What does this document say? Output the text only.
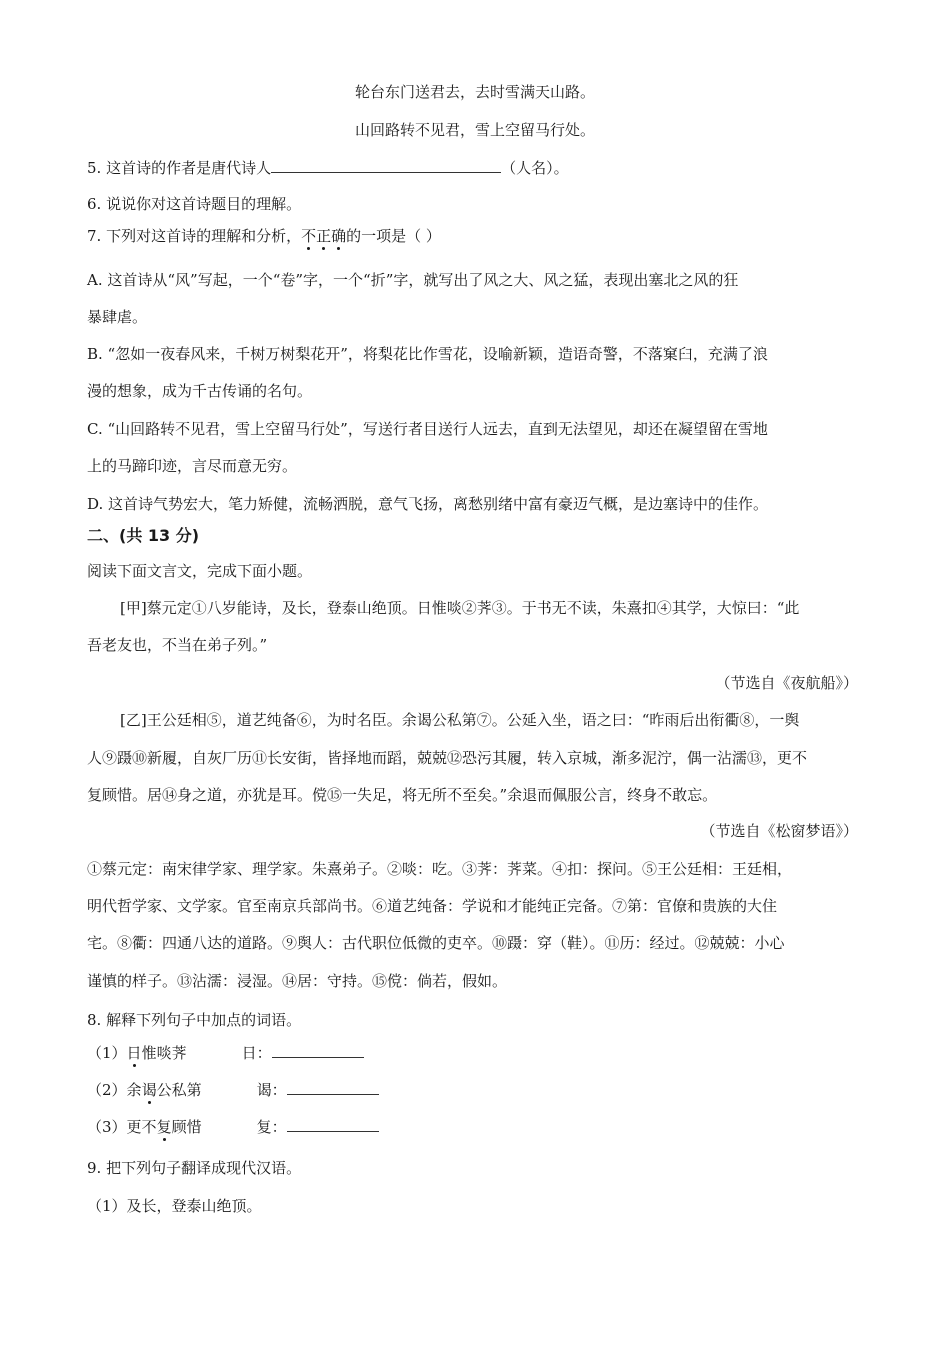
轮台东门送君去，去时雪满天山路。
山回路转不见君，雪上空留马行处。
5. 这首诗的作者是唐代诗人	（人名）。
6. 说说你对这首诗题目的理解。
7. 下列对这首诗的理解和分析，不正确的一项是（ ）
A. 这首诗从“风”写起，一个“卷”字，一个“折”字，就写出了风之大、风之猛，表现出塞北之风的狂
暴肆虐。
B. “忽如一夜春风来，千树万树梨花开”，将梨花比作雪花，设喻新颖，造语奇警，不落窠臼，充满了浪
漫的想象，成为千古传诵的名句。
C. “山回路转不见君，雪上空留马行处”，写送行者目送行人远去，直到无法望见，却还在凝望留在雪地
上的马蹄印迹，言尽而意无穷。
D. 这首诗气势宏大，笔力矫健，流畅洒脱，意气飞扬，离愁别绪中富有豪迈气概，是边塞诗中的佳作。
二、(共 13 分)
阅读下面文言文，完成下面小题。
[甲]蔡元定①八岁能诗，及长，登泰山绝顶。日惟啖②荠③。于书无不读，朱熹扣④其学，大惊曰：“此
吾老友也，不当在弟子列。”
（节选自《夜航船》）
[乙]王公廷相⑤，道艺纯备⑥，为时名臣。余谒公私第⑦。公延入坐，语之曰：“昨雨后出衔衢⑧，一舆
人⑨蹑⑩新履，自灰厂历⑪长安街，皆择地而蹈，兢兢⑫恐污其履，转入京城，渐多泥泞，偶一沾濡⑬，更不
复顾惜。居⑭身之道，亦犹是耳。傥⑮一失足，将无所不至矣。”余退而佩服公言，终身不敢忘。
（节选自《松窗梦语》）
①蔡元定：南宋律学家、理学家。朱熹弟子。②啖：吃。③荠：荠菜。④扣：探问。⑤王公廷相：王廷相，
明代哲学家、文学家。官至南京兵部尚书。⑥道艺纯备：学说和才能纯正完备。⑦第：官僚和贵族的大住
宅。⑧衢：四通八达的道路。⑨舆人：古代职位低微的吏卒。⑩蹑：穿（鞋）。⑪历：经过。⑫兢兢：小心
谨慎的样子。⑬沾濡：浸湿。⑭居：守持。⑮傥：倘若，假如。
8. 解释下列句子中加点的词语。
（1）日惟啖荠	日：
（2）余谒公私第	谒：
（3）更不复顾惜	复：
9. 把下列句子翻译成现代汉语。
（1）及长，登泰山绝顶。
